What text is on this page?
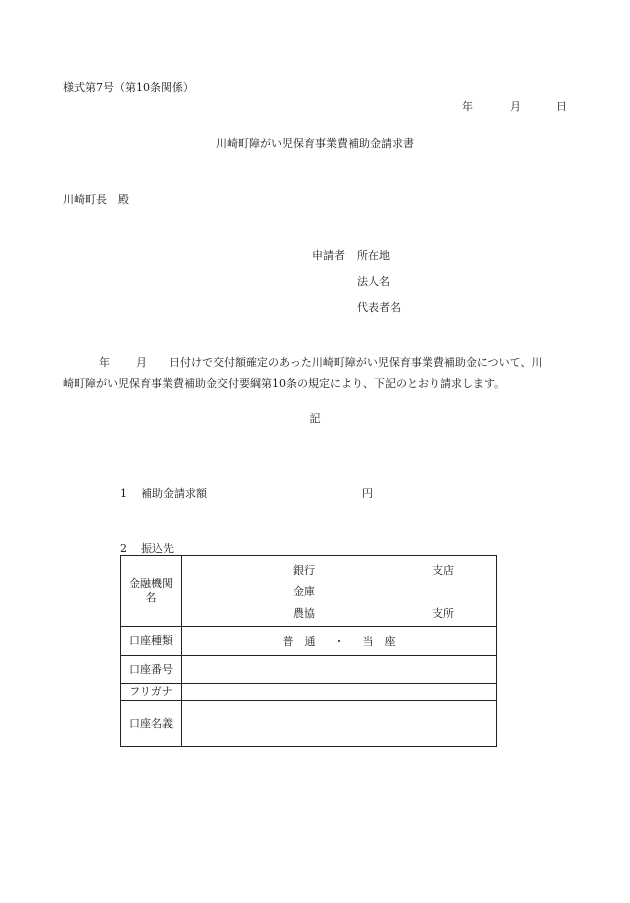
様式第7号（第10条関係）
年	月	日
川崎町障がい児保育事業費補助金請求書
川崎町長　殿
申請者 所在地
法人名
代表者名
年 月 日付けで交付額確定のあった川崎町障がい児保育事業費補助金について、川
崎町障がい児保育事業費補助金交付要綱第10条の規定により、下記のとおり請求します。
記
1 補助金請求額	円
2 振込先
金融機関名	銀行 支店
金庫
農協 支所

口座種類	普　通 ・ 当　座
口座番号	
フリガナ	
口座名義	
